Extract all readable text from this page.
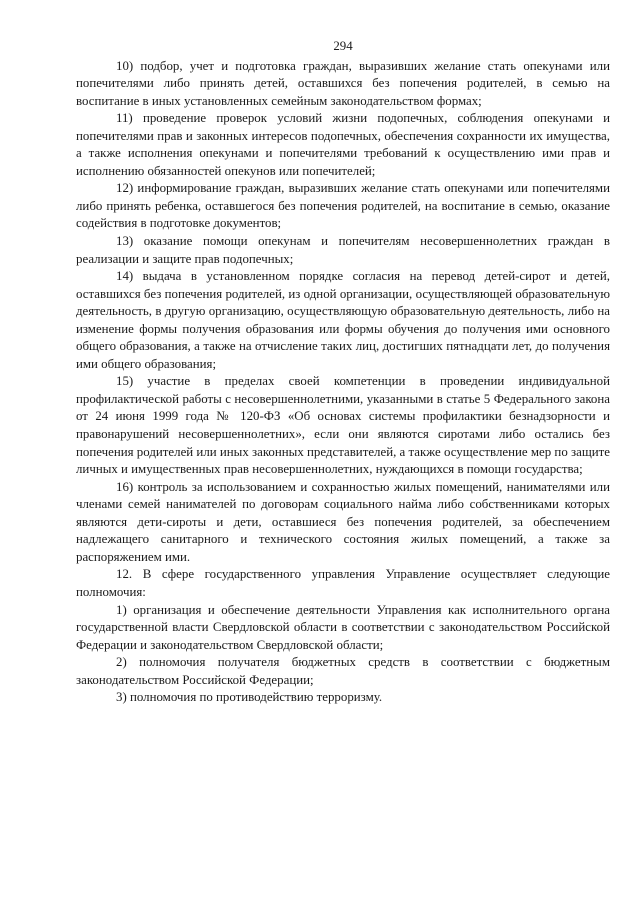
294

10) подбор, учет и подготовка граждан, выразивших желание стать опекунами или попечителями либо принять детей, оставшихся без попечения родителей, в семью на воспитание в иных установленных семейным законодательством формах;

11) проведение проверок условий жизни подопечных, соблюдения опекунами и попечителями прав и законных интересов подопечных, обеспечения сохранности их имущества, а также исполнения опекунами и попечителями требований к осуществлению ими прав и исполнению обязанностей опекунов или попечителей;

12) информирование граждан, выразивших желание стать опекунами или попечителями либо принять ребенка, оставшегося без попечения родителей, на воспитание в семью, оказание содействия в подготовке документов;

13) оказание помощи опекунам и попечителям несовершеннолетних граждан в реализации и защите прав подопечных;

14) выдача в установленном порядке согласия на перевод детей-сирот и детей, оставшихся без попечения родителей, из одной организации, осуществляющей образовательную деятельность, в другую организацию, осуществляющую образовательную деятельность, либо на изменение формы получения образования или формы обучения до получения ими основного общего образования, а также на отчисление таких лиц, достигших пятнадцати лет, до получения ими общего образования;

15) участие в пределах своей компетенции в проведении индивидуальной профилактической работы с несовершеннолетними, указанными в статье 5 Федерального закона от 24 июня 1999 года № 120-ФЗ «Об основах системы профилактики безнадзорности и правонарушений несовершеннолетних», если они являются сиротами либо остались без попечения родителей или иных законных представителей, а также осуществление мер по защите личных и имущественных прав несовершеннолетних, нуждающихся в помощи государства;

16) контроль за использованием и сохранностью жилых помещений, нанимателями или членами семей нанимателей по договорам социального найма либо собственниками которых являются дети-сироты и дети, оставшиеся без попечения родителей, за обеспечением надлежащего санитарного и технического состояния жилых помещений, а также за распоряжением ими.

12. В сфере государственного управления Управление осуществляет следующие полномочия:

1) организация и обеспечение деятельности Управления как исполнительного органа государственной власти Свердловской области в соответствии с законодательством Российской Федерации и законодательством Свердловской области;

2) полномочия получателя бюджетных средств в соответствии с бюджетным законодательством Российской Федерации;

3) полномочия по противодействию терроризму.
